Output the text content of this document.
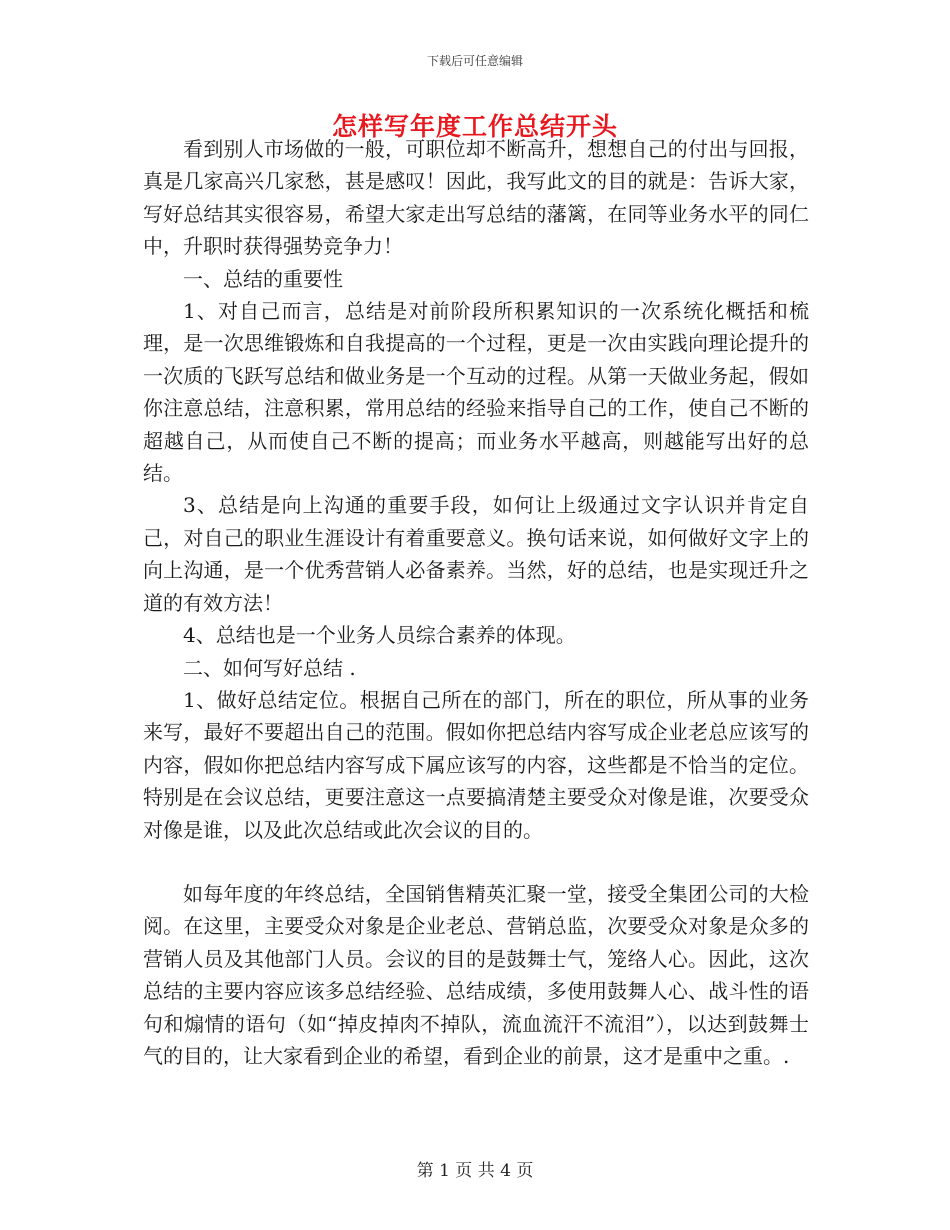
下载后可任意编辑
怎样写年度工作总结开头

看到别人市场做的一般，可职位却不断高升，想想自己的付出与回报，真是几家高兴几家愁，甚是感叹！因此，我写此文的目的就是：告诉大家，写好总结其实很容易，希望大家走出写总结的藩篱，在同等业务水平的同仁中，升职时获得强势竞争力！

一、总结的重要性

1、对自己而言，总结是对前阶段所积累知识的一次系统化概括和梳理，是一次思维锻炼和自我提高的一个过程，更是一次由实践向理论提升的一次质的飞跃写总结和做业务是一个互动的过程。从第一天做业务起，假如你注意总结，注意积累，常用总结的经验来指导自己的工作，使自己不断的超越自己，从而使自己不断的提高；而业务水平越高，则越能写出好的总结。

3、总结是向上沟通的重要手段，如何让上级通过文字认识并肯定自己，对自己的职业生涯设计有着重要意义。换句话来说，如何做好文字上的向上沟通，是一个优秀营销人必备素养。当然，好的总结，也是实现迁升之道的有效方法！

4、总结也是一个业务人员综合素养的体现。

二、如何写好总结 .

1、做好总结定位。根据自己所在的部门，所在的职位，所从事的业务来写，最好不要超出自己的范围。假如你把总结内容写成企业老总应该写的内容，假如你把总结内容写成下属应该写的内容，这些都是不恰当的定位。特别是在会议总结，更要注意这一点要搞清楚主要受众对像是谁，次要受众对像是谁，以及此次总结或此次会议的目的。

如每年度的年终总结，全国销售精英汇聚一堂，接受全集团公司的大检阅。在这里，主要受众对象是企业老总、营销总监，次要受众对象是众多的营销人员及其他部门人员。会议的目的是鼓舞士气，笼络人心。因此，这次总结的主要内容应该多总结经验、总结成绩，多使用鼓舞人心、战斗性的语句和煽情的语句（如“掉皮掉肉不掉队，流血流汗不流泪”），以达到鼓舞士气的目的，让大家看到企业的希望，看到企业的前景，这才是重中之重。.

第 1 页 共 4 页
